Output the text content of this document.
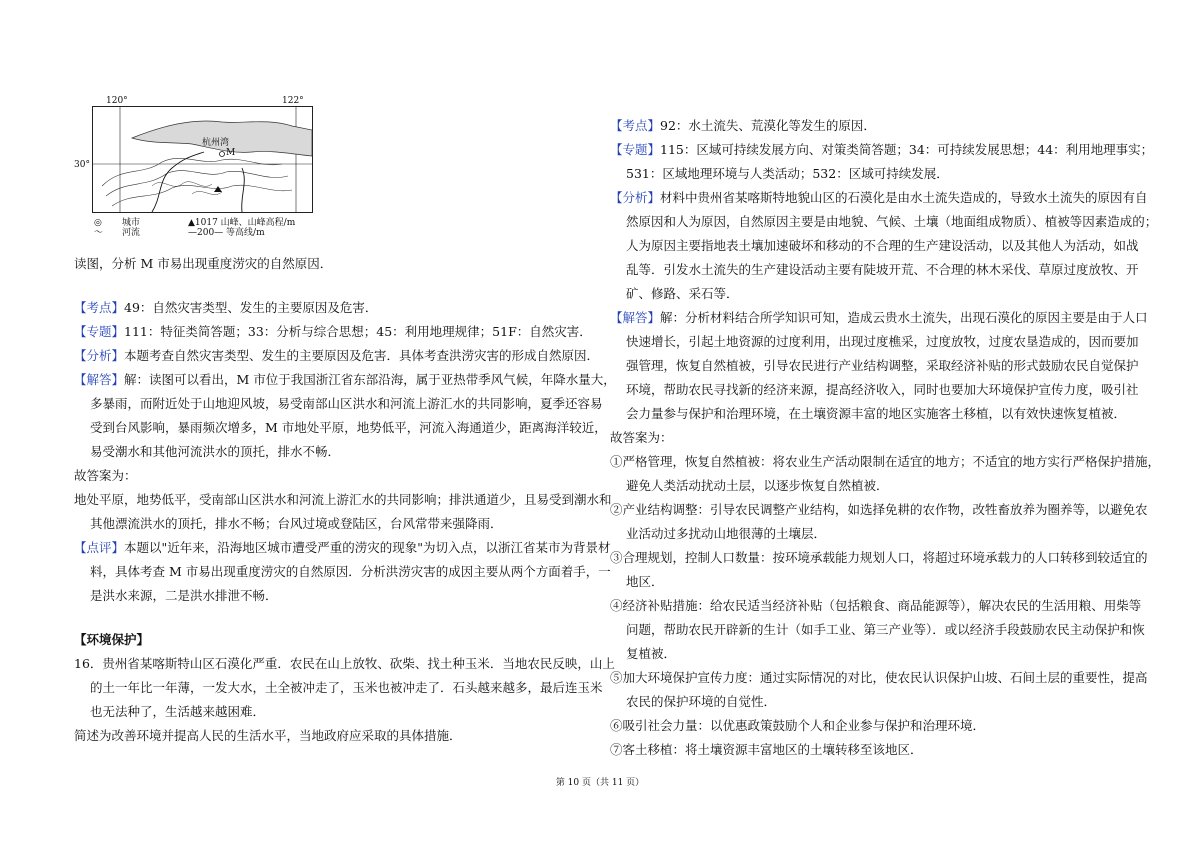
120°	122°
30°
杭州湾
M
◎ 城市
～ 河流
▲1017 山峰、山峰高程/m
—200— 等高线/m
读图，分析 M 市易出现重度涝灾的自然原因．
【考点】49：自然灾害类型、发生的主要原因及危害．
【专题】111：特征类简答题；33：分析与综合思想；45：利用地理规律；51F：自然灾害．
【分析】本题考查自然灾害类型、发生的主要原因及危害．具体考查洪涝灾害的形成自然原因．
【解答】解：读图可以看出，M 市位于我国浙江省东部沿海，属于亚热带季风气候，年降水量大，
多暴雨，而附近处于山地迎风坡，易受南部山区洪水和河流上游汇水的共同影响，夏季还容易
受到台风影响，暴雨频次增多，M 市地处平原，地势低平，河流入海通道少，距离海洋较近，
易受潮水和其他河流洪水的顶托，排水不畅．
故答案为：
地处平原，地势低平，受南部山区洪水和河流上游汇水的共同影响；排洪通道少，且易受到潮水和
其他漂流洪水的顶托，排水不畅；台风过境或登陆区，台风常带来强降雨．
【点评】本题以"近年来，沿海地区城市遭受严重的涝灾的现象"为切入点，以浙江省某市为背景材
料，具体考查 M 市易出现重度涝灾的自然原因．分析洪涝灾害的成因主要从两个方面着手，一
是洪水来源，二是洪水排泄不畅．
【环境保护】
16．贵州省某喀斯特山区石漠化严重．农民在山上放牧、砍柴、找土种玉米．当地农民反映，山上
的土一年比一年薄，一发大水，土全被冲走了，玉米也被冲走了．石头越来越多，最后连玉米
也无法种了，生活越来越困难．
简述为改善环境并提高人民的生活水平，当地政府应采取的具体措施．
【考点】92：水土流失、荒漠化等发生的原因．
【专题】115：区域可持续发展方向、对策类简答题；34：可持续发展思想；44：利用地理事实；
531：区域地理环境与人类活动；532：区域可持续发展．
【分析】材料中贵州省某喀斯特地貌山区的石漠化是由水土流失造成的，导致水土流失的原因有自
然原因和人为原因，自然原因主要是由地貌、气候、土壤（地面组成物质）、植被等因素造成的；
人为原因主要指地表土壤加速破坏和移动的不合理的生产建设活动，以及其他人为活动，如战
乱等．引发水土流失的生产建设活动主要有陡坡开荒、不合理的林木采伐、草原过度放牧、开
矿、修路、采石等．
【解答】解：分析材料结合所学知识可知，造成云贵水土流失，出现石漠化的原因主要是由于人口
快速增长，引起土地资源的过度利用，出现过度樵采，过度放牧，过度农垦造成的，因而要加
强管理，恢复自然植被，引导农民进行产业结构调整，采取经济补贴的形式鼓励农民自觉保护
环境，帮助农民寻找新的经济来源，提高经济收入，同时也要加大环境保护宣传力度，吸引社
会力量参与保护和治理环境，在土壤资源丰富的地区实施客土移植，以有效快速恢复植被．
故答案为：
①严格管理，恢复自然植被：将农业生产活动限制在适宜的地方；不适宜的地方实行严格保护措施，
避免人类活动扰动土层，以逐步恢复自然植被．
②产业结构调整：引导农民调整产业结构，如选择免耕的农作物，改牲畜放养为圈养等，以避免农
业活动过多扰动山地很薄的土壤层．
③合理规划，控制人口数量：按环境承载能力规划人口，将超过环境承载力的人口转移到较适宜的
地区．
④经济补贴措施：给农民适当经济补贴（包括粮食、商品能源等），解决农民的生活用粮、用柴等
问题，帮助农民开辟新的生计（如手工业、第三产业等）．或以经济手段鼓励农民主动保护和恢
复植被．
⑤加大环境保护宣传力度：通过实际情况的对比，使农民认识保护山坡、石间土层的重要性，提高
农民的保护环境的自觉性．
⑥吸引社会力量：以优惠政策鼓励个人和企业参与保护和治理环境．
⑦客土移植：将土壤资源丰富地区的土壤转移至该地区．
第 10 页（共 11 页）
